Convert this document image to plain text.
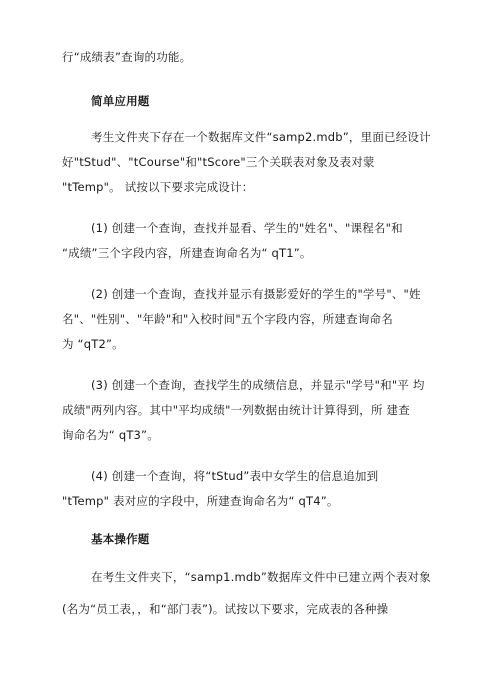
行“成绩表”查询的功能。
简单应用题
考生文件夹下存在一个数据库文件“samp2.mdb”，里面已经设计
好"tStud"、"tCourse"和"tScore"三个关联表对象及表对蒙
"tTemp"。 试按以下要求完成设计：
(1) 创建一个查询，查找并显看、学生的"姓名"、"课程名"和
“成绩”三个字段内容，所建查询命名为“ qT1”。
(2) 创建一个查询，查找并显示有摄影爱好的学生的"学号"、"姓
名"、"性别"、"年龄"和"入校时间"五个字段内容，所建查询命名
为 “qT2”。
(3) 创建一个查询，查找学生的成绩信息，并显示"学号"和"平 均
成绩"两列内容。其中"平均成绩"一列数据由统计计算得到，所 建查
询命名为“ qT3”。
(4) 创建一个查询，将“tStud”表中女学生的信息追加到
"tTemp" 表对应的字段中，所建查询命名为“ qT4”。
基本操作题
在考生文件夹下，“samp1.mdb”数据库文件中已建立两个表对象
(名为“员工表，，和“部门表”)。试按以下要求，完成表的各种操
